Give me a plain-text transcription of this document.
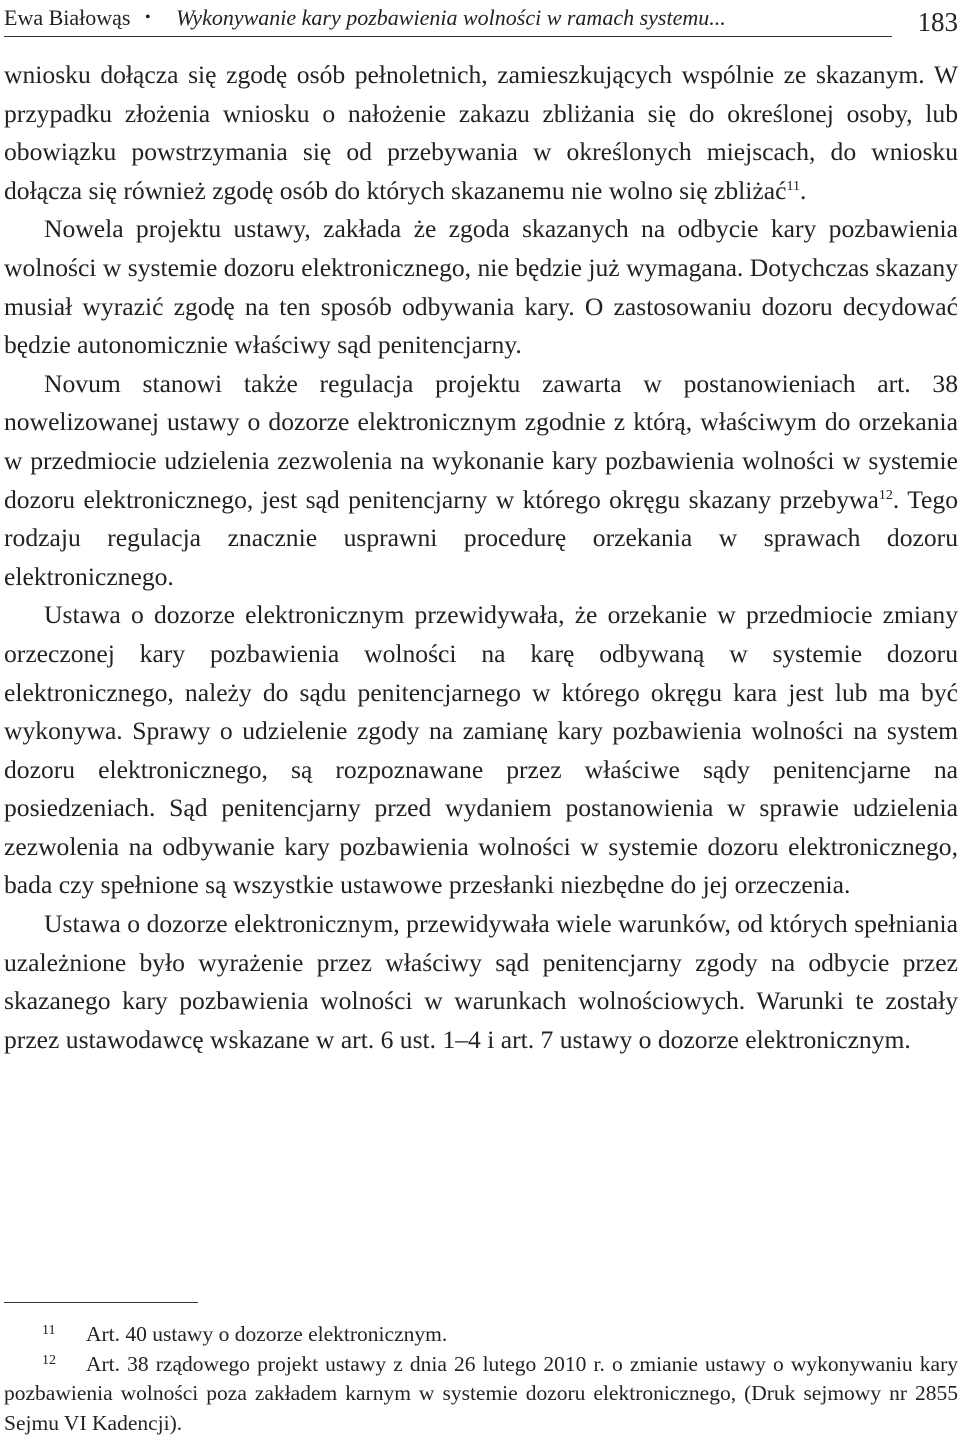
Ewa Białowąs • Wykonywanie kary pozbawienia wolności w ramach systemu...	183

wniosku dołącza się zgodę osób pełnoletnich, zamieszkujących wspólnie ze skazanym. W przypadku złożenia wniosku o nałożenie zakazu zbliżania się do określonej osoby, lub obowiązku powstrzymania się od przebywania w określonych miejscach, do wniosku dołącza się również zgodę osób do których skazanemu nie wolno się zbliżać$^{11}$.

Nowela projektu ustawy, zakłada że zgoda skazanych na odbycie kary pozbawienia wolności w systemie dozoru elektronicznego, nie będzie już wymagana. Dotychczas skazany musiał wyrazić zgodę na ten sposób odbywania kary. O zastosowaniu dozoru decydować będzie autonomicznie właściwy sąd penitencjarny.

Novum stanowi także regulacja projektu zawarta w postanowieniach art. 38 nowelizowanej ustawy o dozorze elektronicznym zgodnie z którą, właściwym do orzekania w przedmiocie udzielenia zezwolenia na wykonanie kary pozbawienia wolności w systemie dozoru elektronicznego, jest sąd penitencjarny w którego okręgu skazany przebywa$^{12}$. Tego rodzaju regulacja znacznie usprawni procedurę orzekania w sprawach dozoru elektronicznego.

Ustawa o dozorze elektronicznym przewidywała, że orzekanie w przedmiocie zmiany orzeczonej kary pozbawienia wolności na karę odbywaną w systemie dozoru elektronicznego, należy do sądu penitencjarnego w którego okręgu kara jest lub ma być wykonywa. Sprawy o udzielenie zgody na zamianę kary pozbawienia wolności na system dozoru elektronicznego, są rozpoznawane przez właściwe sądy penitencjarne na posiedzeniach. Sąd penitencjarny przed wydaniem postanowienia w sprawie udzielenia zezwolenia na odbywanie kary pozbawienia wolności w systemie dozoru elektronicznego, bada czy spełnione są wszystkie ustawowe przesłanki niezbędne do jej orzeczenia.

Ustawa o dozorze elektronicznym, przewidywała wiele warunków, od których spełniania uzależnione było wyrażenie przez właściwy sąd penitencjarny zgody na odbycie przez skazanego kary pozbawienia wolności w warunkach wolnościowych. Warunki te zostały przez ustawodawcę wskazane w art. 6 ust. 1–4 i art. 7 ustawy o dozorze elektronicznym.

11 Art. 40 ustawy o dozorze elektronicznym.

12 Art. 38 rządowego projekt ustawy z dnia 26 lutego 2010 r. o zmianie ustawy o wykonywaniu kary pozbawienia wolności poza zakładem karnym w systemie dozoru elektronicznego, (Druk sejmowy nr 2855 Sejmu VI Kadencji).
